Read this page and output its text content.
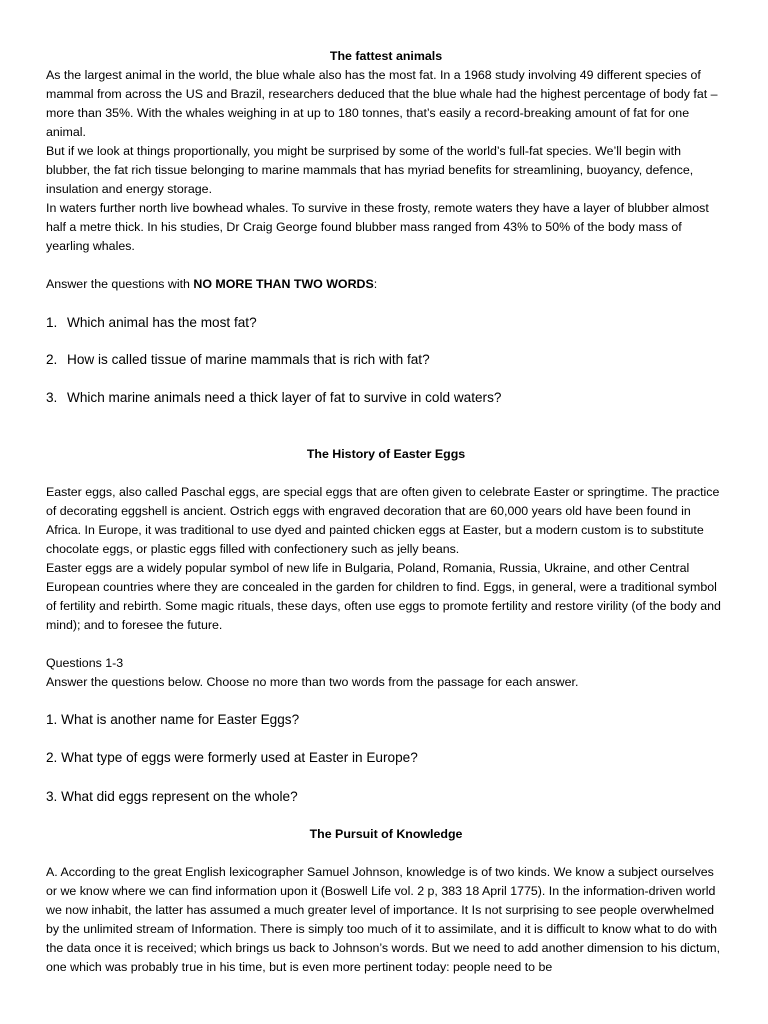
The fattest animals

As the largest animal in the world, the blue whale also has the most fat. In a 1968 study involving 49 different species of mammal from across the US and Brazil, researchers deduced that the blue whale had the highest percentage of body fat – more than 35%. With the whales weighing in at up to 180 tonnes, that’s easily a record-breaking amount of fat for one animal.

But if we look at things proportionally, you might be surprised by some of the world’s full-fat species. We’ll begin with blubber, the fat rich tissue belonging to marine mammals that has myriad benefits for streamlining, buoyancy, defence, insulation and energy storage.

In waters further north live bowhead whales. To survive in these frosty, remote waters they have a layer of blubber almost half a metre thick. In his studies, Dr Craig George found blubber mass ranged from 43% to 50% of the body mass of yearling whales.

Answer the questions with NO MORE THAN TWO WORDS:

1. Which animal has the most fat?
2. How is called tissue of marine mammals that is rich with fat?
3. Which marine animals need a thick layer of fat to survive in cold waters?
The History of Easter Eggs

Easter eggs, also called Paschal eggs, are special eggs that are often given to celebrate Easter or springtime. The practice of decorating eggshell is ancient. Ostrich eggs with engraved decoration that are 60,000 years old have been found in Africa. In Europe, it was traditional to use dyed and painted chicken eggs at Easter, but a modern custom is to substitute chocolate eggs, or plastic eggs filled with confectionery such as jelly beans.

Easter eggs are a widely popular symbol of new life in Bulgaria, Poland, Romania, Russia, Ukraine, and other Central European countries where they are concealed in the garden for children to find. Eggs, in general, were a traditional symbol of fertility and rebirth. Some magic rituals, these days, often use eggs to promote fertility and restore virility (of the body and mind); and to foresee the future.

Questions 1-3

Answer the questions below. Choose no more than two words from the passage for each answer.

1. What is another name for Easter Eggs?
2. What type of eggs were formerly used at Easter in Europe?
3. What did eggs represent on the whole?
The Pursuit of Knowledge

A. According to the great English lexicographer Samuel Johnson, knowledge is of two kinds. We know a subject ourselves or we know where we can find information upon it (Boswell Life vol. 2 p, 383 18 April 1775). In the information-driven world we now inhabit, the latter has assumed a much greater level of importance. It Is not surprising to see people overwhelmed by the unlimited stream of Information. There is simply too much of it to assimilate, and it is difficult to know what to do with the data once it is received; which brings us back to Johnson’s words. But we need to add another dimension to his dictum, one which was probably true in his time, but is even more pertinent today: people need to be
